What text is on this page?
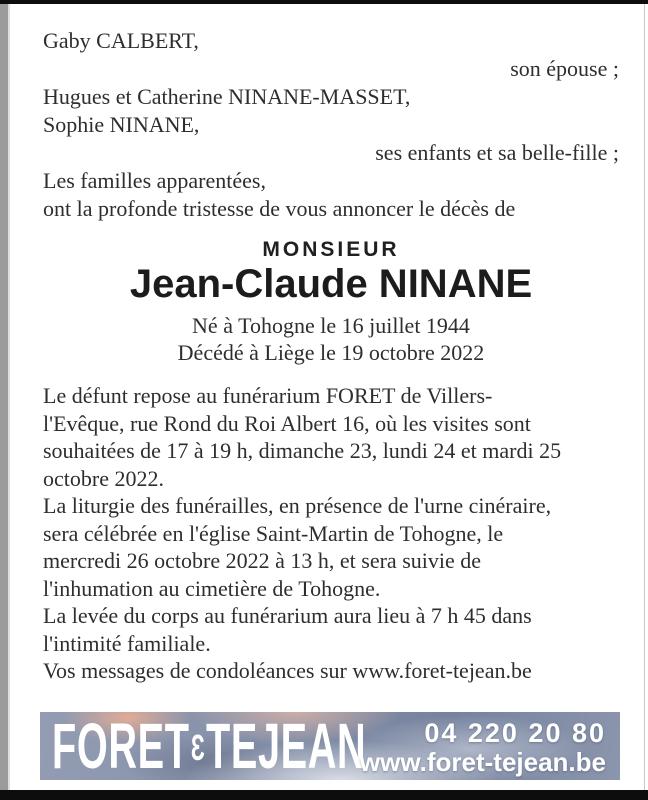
Gaby CALBERT,
son épouse ;
Hugues et Catherine NINANE-MASSET,
Sophie NINANE,
ses enfants et sa belle-fille ;
Les familles apparentées,
ont la profonde tristesse de vous annoncer le décès de
MONSIEUR
Jean-Claude NINANE
Né à Tohogne le 16 juillet 1944
Décédé à Liège le 19 octobre 2022
Le défunt repose au funérarium FORET de Villers-
l'Evêque, rue Rond du Roi Albert 16, où les visites sont
souhaitées de 17 à 19 h, dimanche 23, lundi 24 et mardi 25
octobre 2022.
La liturgie des funérailles, en présence de l'urne cinéraire,
sera célébrée en l'église Saint-Martin de Tohogne, le
mercredi 26 octobre 2022 à 13 h, et sera suivie de
l'inhumation au cimetière de Tohogne.
La levée du corps au funérarium aura lieu à 7 h 45 dans
l'intimité familiale.
Vos messages de condoléances sur www.foret-tejean.be
FORET Ɛ TEJEAN	04 220 20 80
www.foret-tejean.be
